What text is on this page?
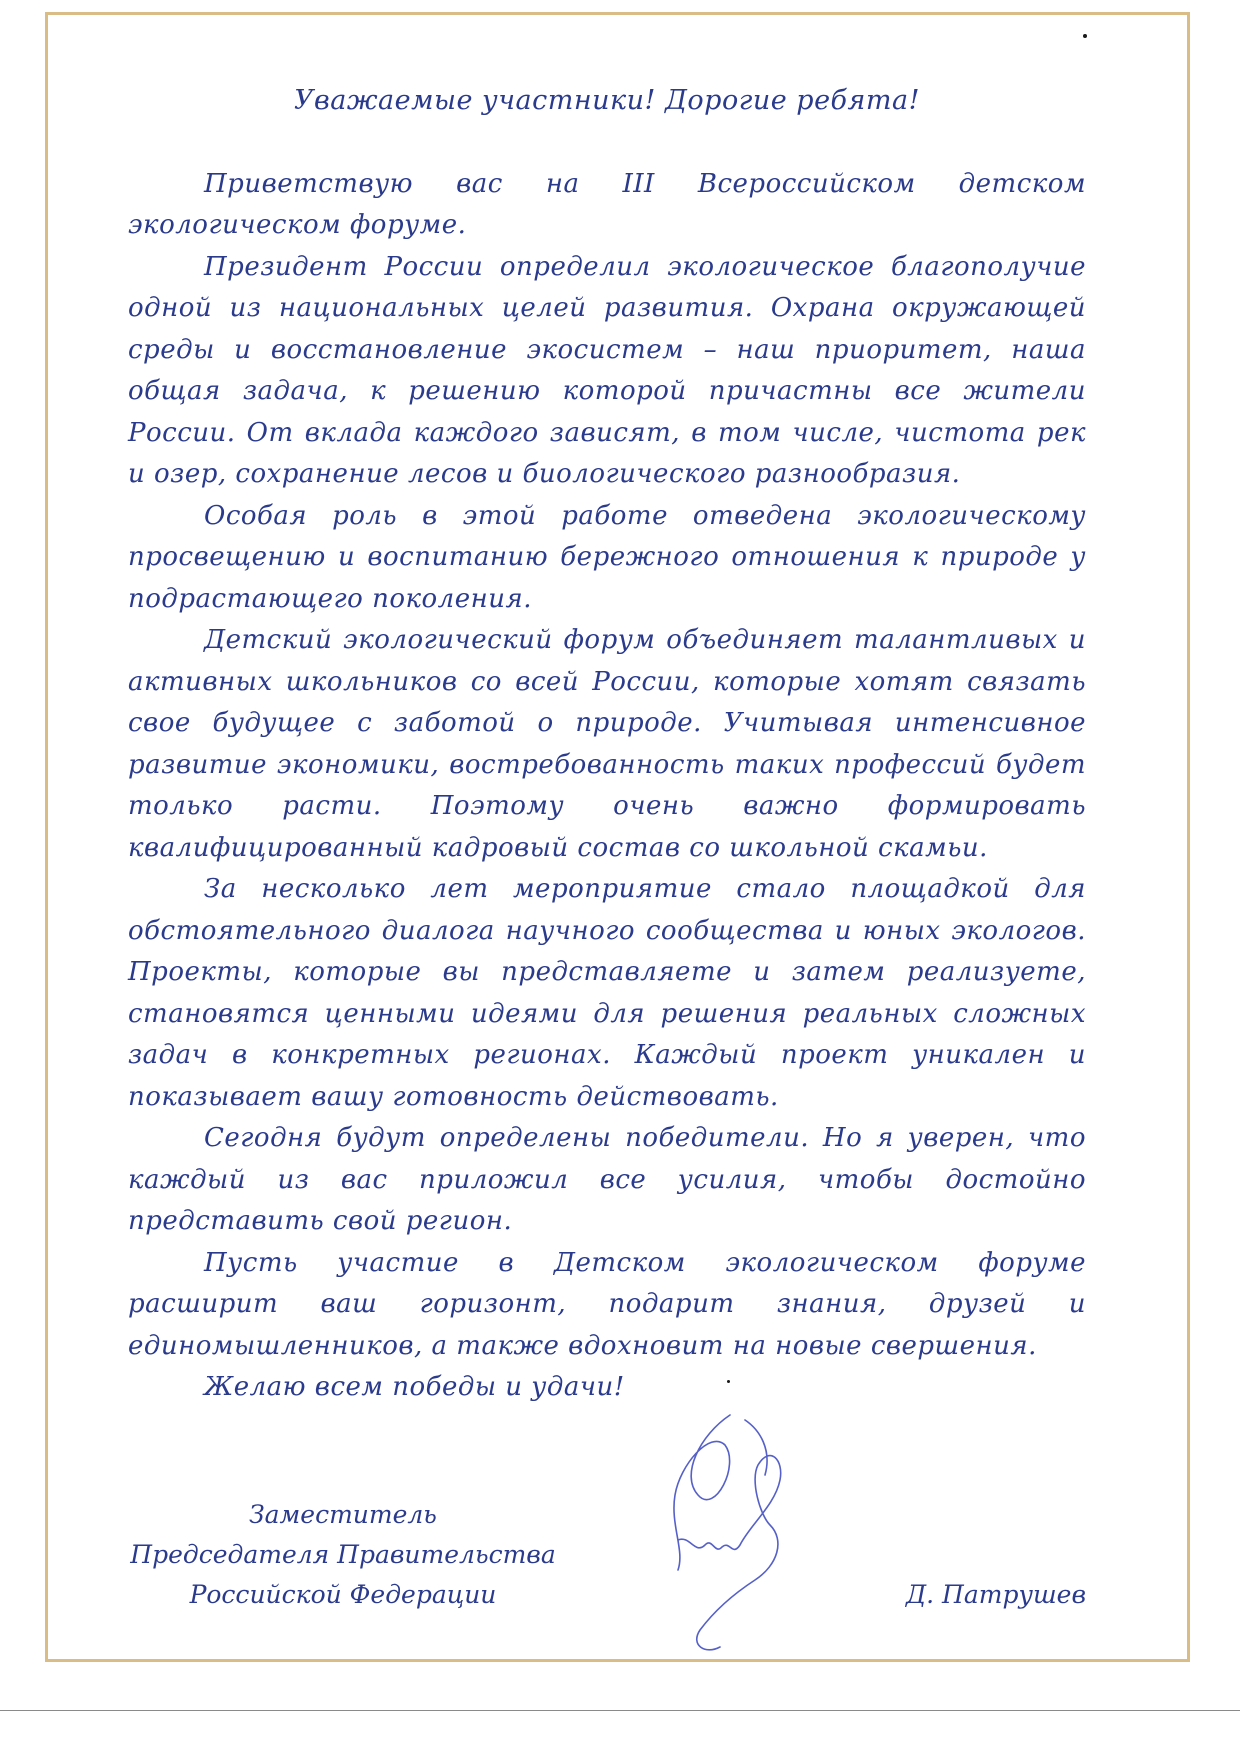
Уважаемые участники! Дорогие ребята!

Приветствую вас на III Всероссийском детском экологическом форуме.

Президент России определил экологическое благополучие одной из национальных целей развития. Охрана окружающей среды и восстановление экосистем – наш приоритет, наша общая задача, к решению которой причастны все жители России. От вклада каждого зависят, в том числе, чистота рек и озер, сохранение лесов и биологического разнообразия.

Особая роль в этой работе отведена экологическому просвещению и воспитанию бережного отношения к природе у подрастающего поколения.

Детский экологический форум объединяет талантливых и активных школьников со всей России, которые хотят связать свое будущее с заботой о природе. Учитывая интенсивное развитие экономики, востребованность таких профессий будет только расти. Поэтому очень важно формировать квалифицированный кадровый состав со школьной скамьи.

За несколько лет мероприятие стало площадкой для обстоятельного диалога научного сообщества и юных экологов. Проекты, которые вы представляете и затем реализуете, становятся ценными идеями для решения реальных сложных задач в конкретных регионах. Каждый проект уникален и показывает вашу готовность действовать.

Сегодня будут определены победители. Но я уверен, что каждый из вас приложил все усилия, чтобы достойно представить свой регион.

Пусть участие в Детском экологическом форуме расширит ваш горизонт, подарит знания, друзей и единомышленников, а также вдохновит на новые свершения.

Желаю всем победы и удачи!

Заместитель
Председателя Правительства
Российской Федерации	Д. Патрушев
